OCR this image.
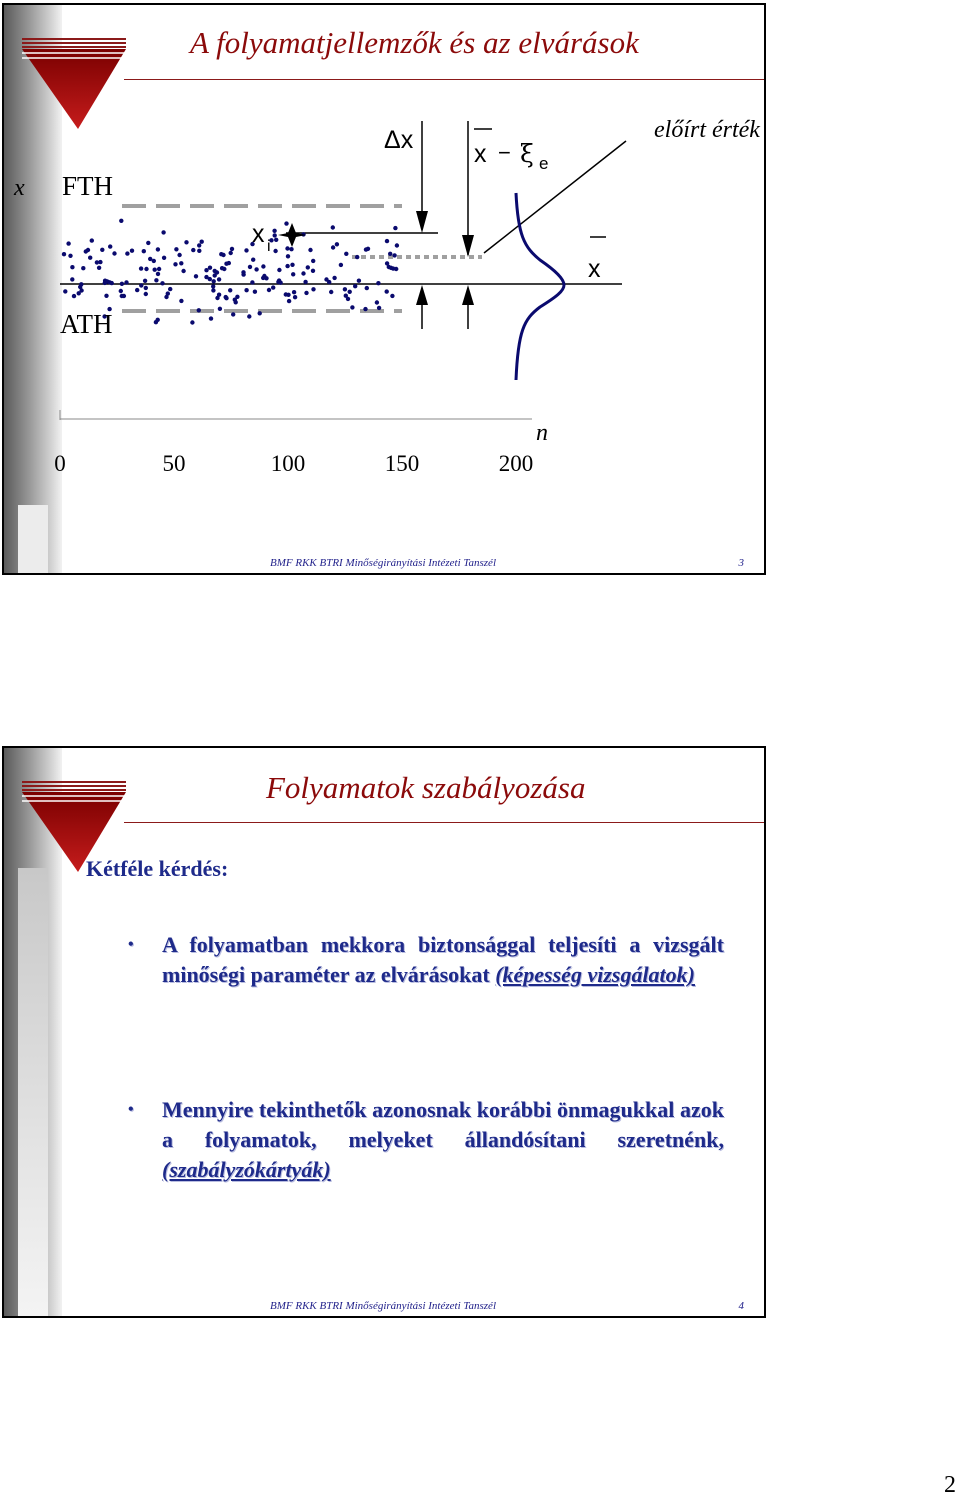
A folyamatjellemzők és az elvárások
x FTH
ATH
Δx x − ξ e
előírt érték
x i
x
n
0	50	100	150	200
BMF RKK BTRI Minőségirányítási Intézeti Tanszél	3
Folyamatok szabályozása
Kétféle kérdés:
• A folyamatban mekkora biztonsággal teljesíti a vizsgált minőségi paraméter az elvárásokat (képesség vizsgálatok)
• Mennyire tekinthetők azonosnak korábbi önmagukkal azok a folyamatok, melyeket állandósítani szeretnénk, (szabályzókártyák)
BMF RKK BTRI Minőségirányítási Intézeti Tanszél	4
2
